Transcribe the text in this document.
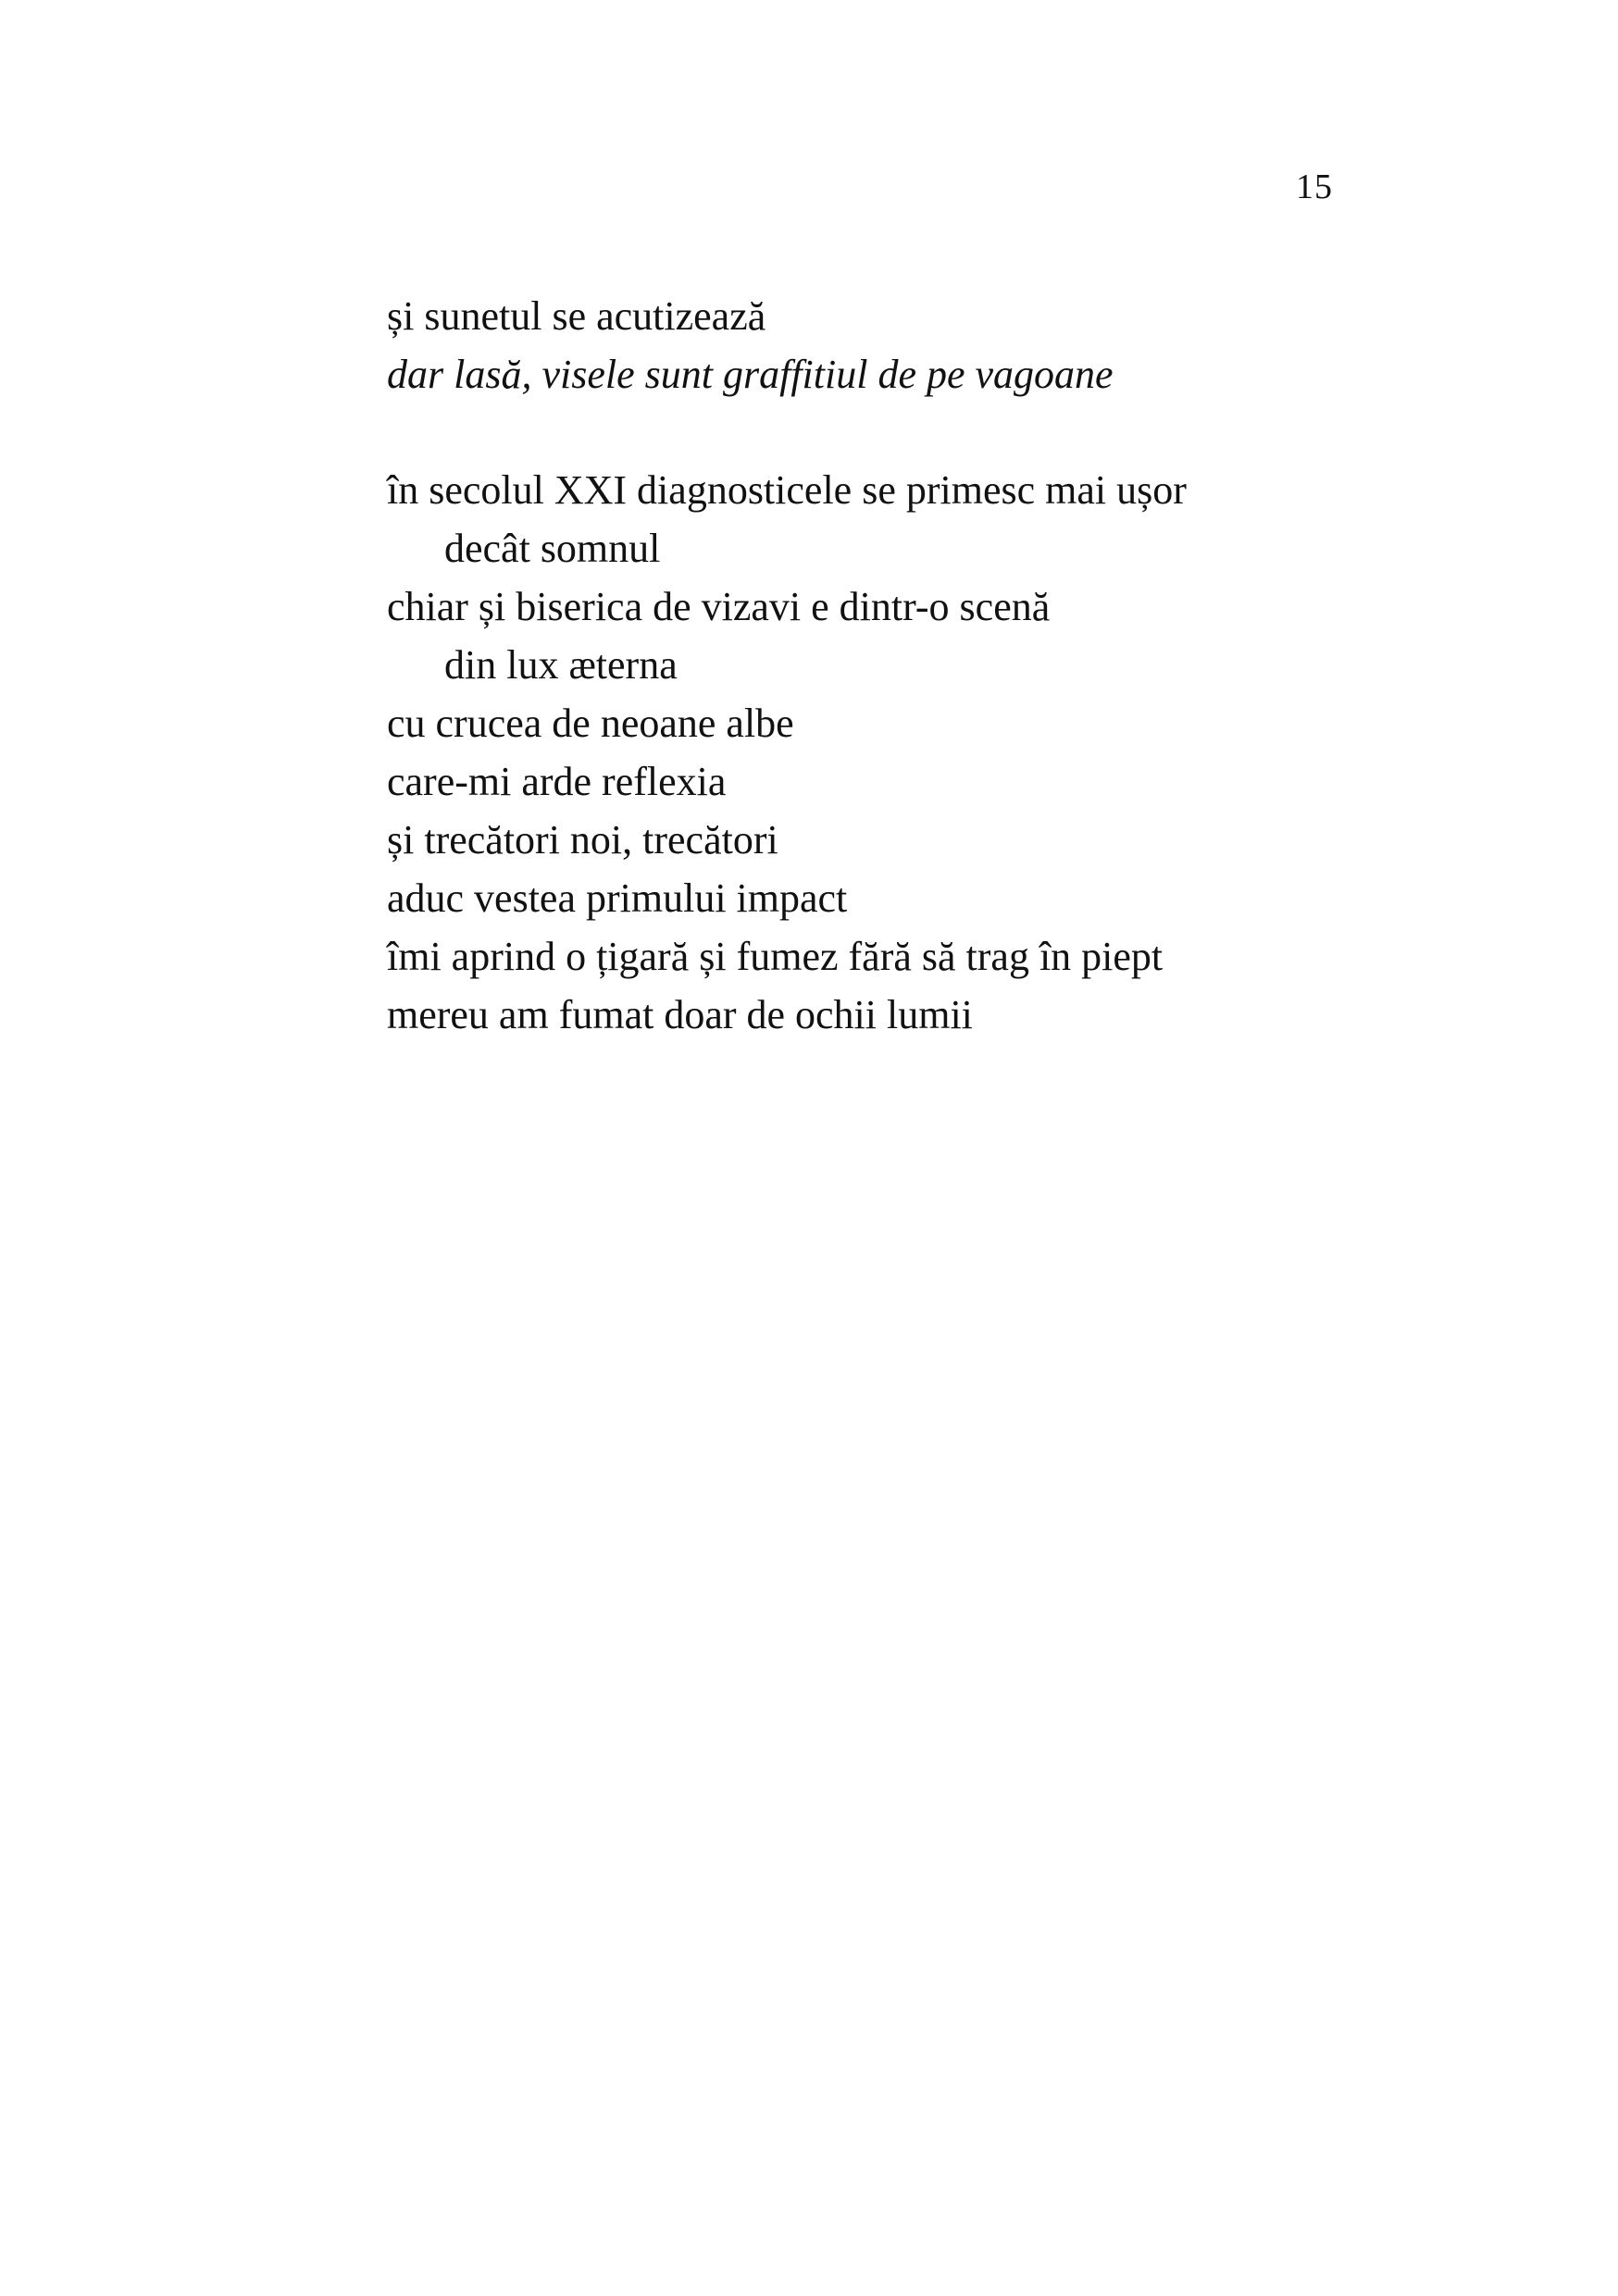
15
și sunetul se acutizează
dar lasă, visele sunt graffitiul de pe vagoane
în secolul XXI diagnosticele se primesc mai ușor
decât somnul
chiar și biserica de vizavi e dintr-o scenă
din lux æterna
cu crucea de neoane albe
care-mi arde reflexia
și trecători noi, trecători
aduc vestea primului impact
îmi aprind o țigară și fumez fără să trag în piept
mereu am fumat doar de ochii lumii
